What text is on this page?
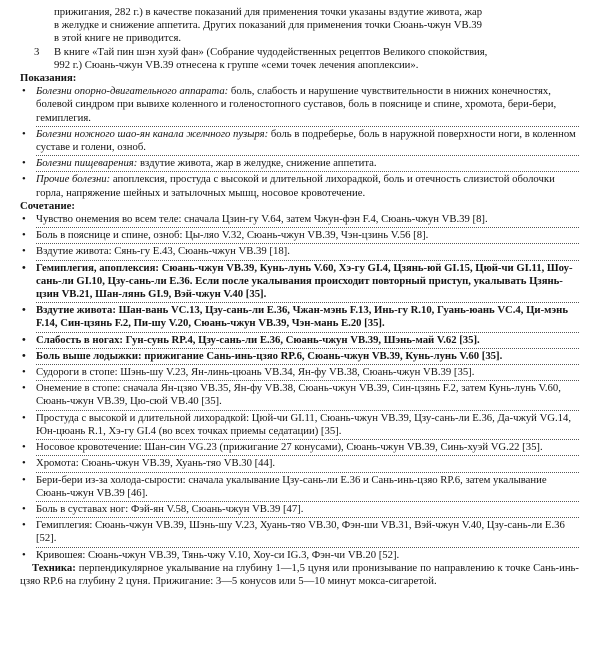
прижигания, 282 г.) в качестве показаний для применения точки указаны вздутие живота, жар
в желудке и снижение аппетита. Других показаний для применения точки Сюань-чжун VB.39
в этой книге не приводится.
3 В книге «Тай пин шэн хуэй фан» (Собрание чудодейственных рецептов Великого спокойствия,
992 г.) Сюань-чжун VB.39 отнесена к группе «семи точек лечения апоплексии».
Показания:
• Болезни опорно-двигательного аппарата: боль, слабость и нарушение чувствительности в нижних конечностях, болевой синдром при вывихе коленного и голеностопного суставов, боль в пояснице и спине, хромота, бери-бери, гемиплегия.
• Болезни ножного шао-ян канала желчного пузыря: боль в подреберье, боль в наружной поверхности ноги, в коленном суставе и голени, озноб.
• Болезни пищеварения: вздутие живота, жар в желудке, снижение аппетита.
• Прочие болезни: апоплексия, простуда с высокой и длительной лихорадкой, боль и отечность слизистой оболочки горла, напряжение шейных и затылочных мышц, носовое кровотечение.
Сочетание:
• Чувство онемения во всем теле: сначала Цзин-гу V.64, затем Чжун-фэн F.4, Сюань-чжун VB.39 [8].
• Боль в пояснице и спине, озноб: Цы-ляо V.32, Сюань-чжун VB.39, Чэн-цзинь V.56 [8].
• Вздутие живота: Сянь-гу E.43, Сюань-чжун VB.39 [18].
• Гемиплегия, апоплексия: Сюань-чжун VB.39, Кунь-лунь V.60, Хэ-гу GI.4, Цзянь-юй GI.15, Цюй-чи GI.11, Шоу-сань-ли GI.10, Цзу-сань-ли E.36. Если после укалывания происходит повторный приступ, укалывать Цзянь-цзин VB.21, Шан-лянь GI.9, Вэй-чжун V.40 [35].
• Вздутие живота: Шан-вань VC.13, Цзу-сань-ли E.36, Чжан-мэнь F.13, Инь-гу R.10, Гуань-юань VC.4, Ци-мэнь F.14, Син-цзянь F.2, Пи-шу V.20, Сюань-чжун VB.39, Чэн-мань E.20 [35].
• Слабость в ногах: Гун-сунь RP.4, Цзу-сань-ли E.36, Сюань-чжун VB.39, Шэнь-май V.62 [35].
• Боль выше лодыжки: прижигание Сань-инь-цзяо RP.6, Сюань-чжун VB.39, Кунь-лунь V.60 [35].
• Судороги в стопе: Шэнь-шу V.23, Ян-линь-цюань VB.34, Ян-фу VB.38, Сюань-чжун VB.39 [35].
• Онемение в стопе: сначала Ян-цзяо VB.35, Ян-фу VB.38, Сюань-чжун VB.39, Син-цзянь F.2, затем Кунь-лунь V.60, Сюань-чжун VB.39, Цю-сюй VB.40 [35].
• Простуда с высокой и длительной лихорадкой: Цюй-чи GI.11, Сюань-чжун VB.39, Цзу-сань-ли E.36, Да-чжуй VG.14, Юн-цюань R.1, Хэ-гу GI.4 (во всех точках приемы седатации) [35].
• Носовое кровотечение: Шан-син VG.23 (прижигание 27 конусами), Сюань-чжун VB.39, Синь-хуэй VG.22 [35].
• Хромота: Сюань-чжун VB.39, Хуань-тяо VB.30 [44].
• Бери-бери из-за холода-сырости: сначала укалывание Цзу-сань-ли E.36 и Сань-инь-цзяо RP.6, затем укалывание Сюань-чжун VB.39 [46].
• Боль в суставах ног: Фэй-ян V.58, Сюань-чжун VB.39 [47].
• Гемиплегия: Сюань-чжун VB.39, Шэнь-шу V.23, Хуань-тяо VB.30, Фэн-ши VB.31, Вэй-чжун V.40, Цзу-сань-ли E.36 [52].
• Кривошея: Сюань-чжун VB.39, Тянь-чжу V.10, Хоу-си IG.3, Фэн-чи VB.20 [52].
Техника: перпендикулярное укалывание на глубину 1—1,5 цуня или пронизывание по направлению к точке Сань-инь-цзяо RP.6 на глубину 2 цуня. Прижигание: 3—5 конусов или 5—10 минут мокса-сигаретой.
